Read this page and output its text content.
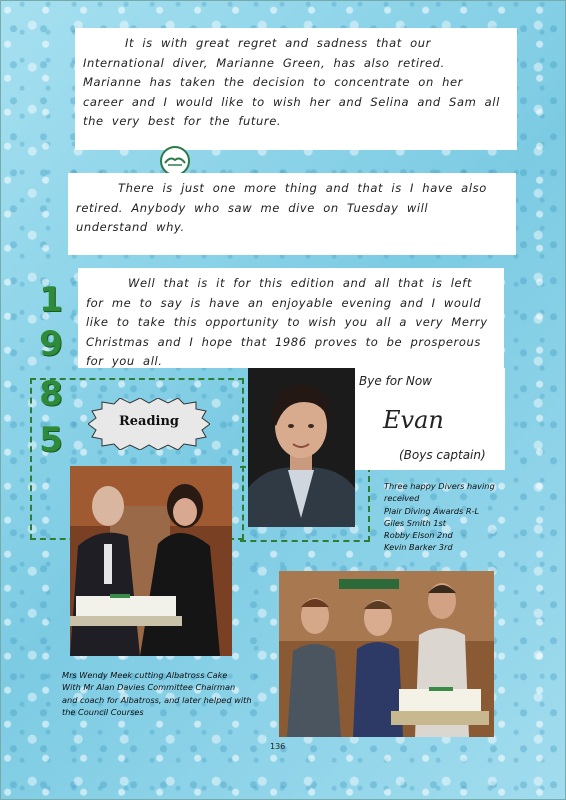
It is with great regret and sadness that our International diver, Marianne Green, has also retired. Marianne has taken the decision to concentrate on her career and I would like to wish her and Selina and Sam all the very best for the future.

There is just one more thing and that is I have also retired. Anybody who saw me dive on Tuesday will understand why.

Well that is it for this edition and all that is left for me to say is have an enjoyable evening and I would like to take this opportunity to wish you all a very Merry Christmas and I hope that 1986 proves to be prosperous for you all.

1
9
8
5	Reading
Bye for Now
Evan
(Boys captain)
Three happy Divers having
received
Plair Diving Awards R-L
Giles Smith 1st
Robby Elson 2nd
Kevin Barker 3rd
Mrs Wendy Meek cutting Albatross Cake
With Mr Alan Davies Committee Chairman
and coach for Albatross, and later helped with
the Council Courses
136
